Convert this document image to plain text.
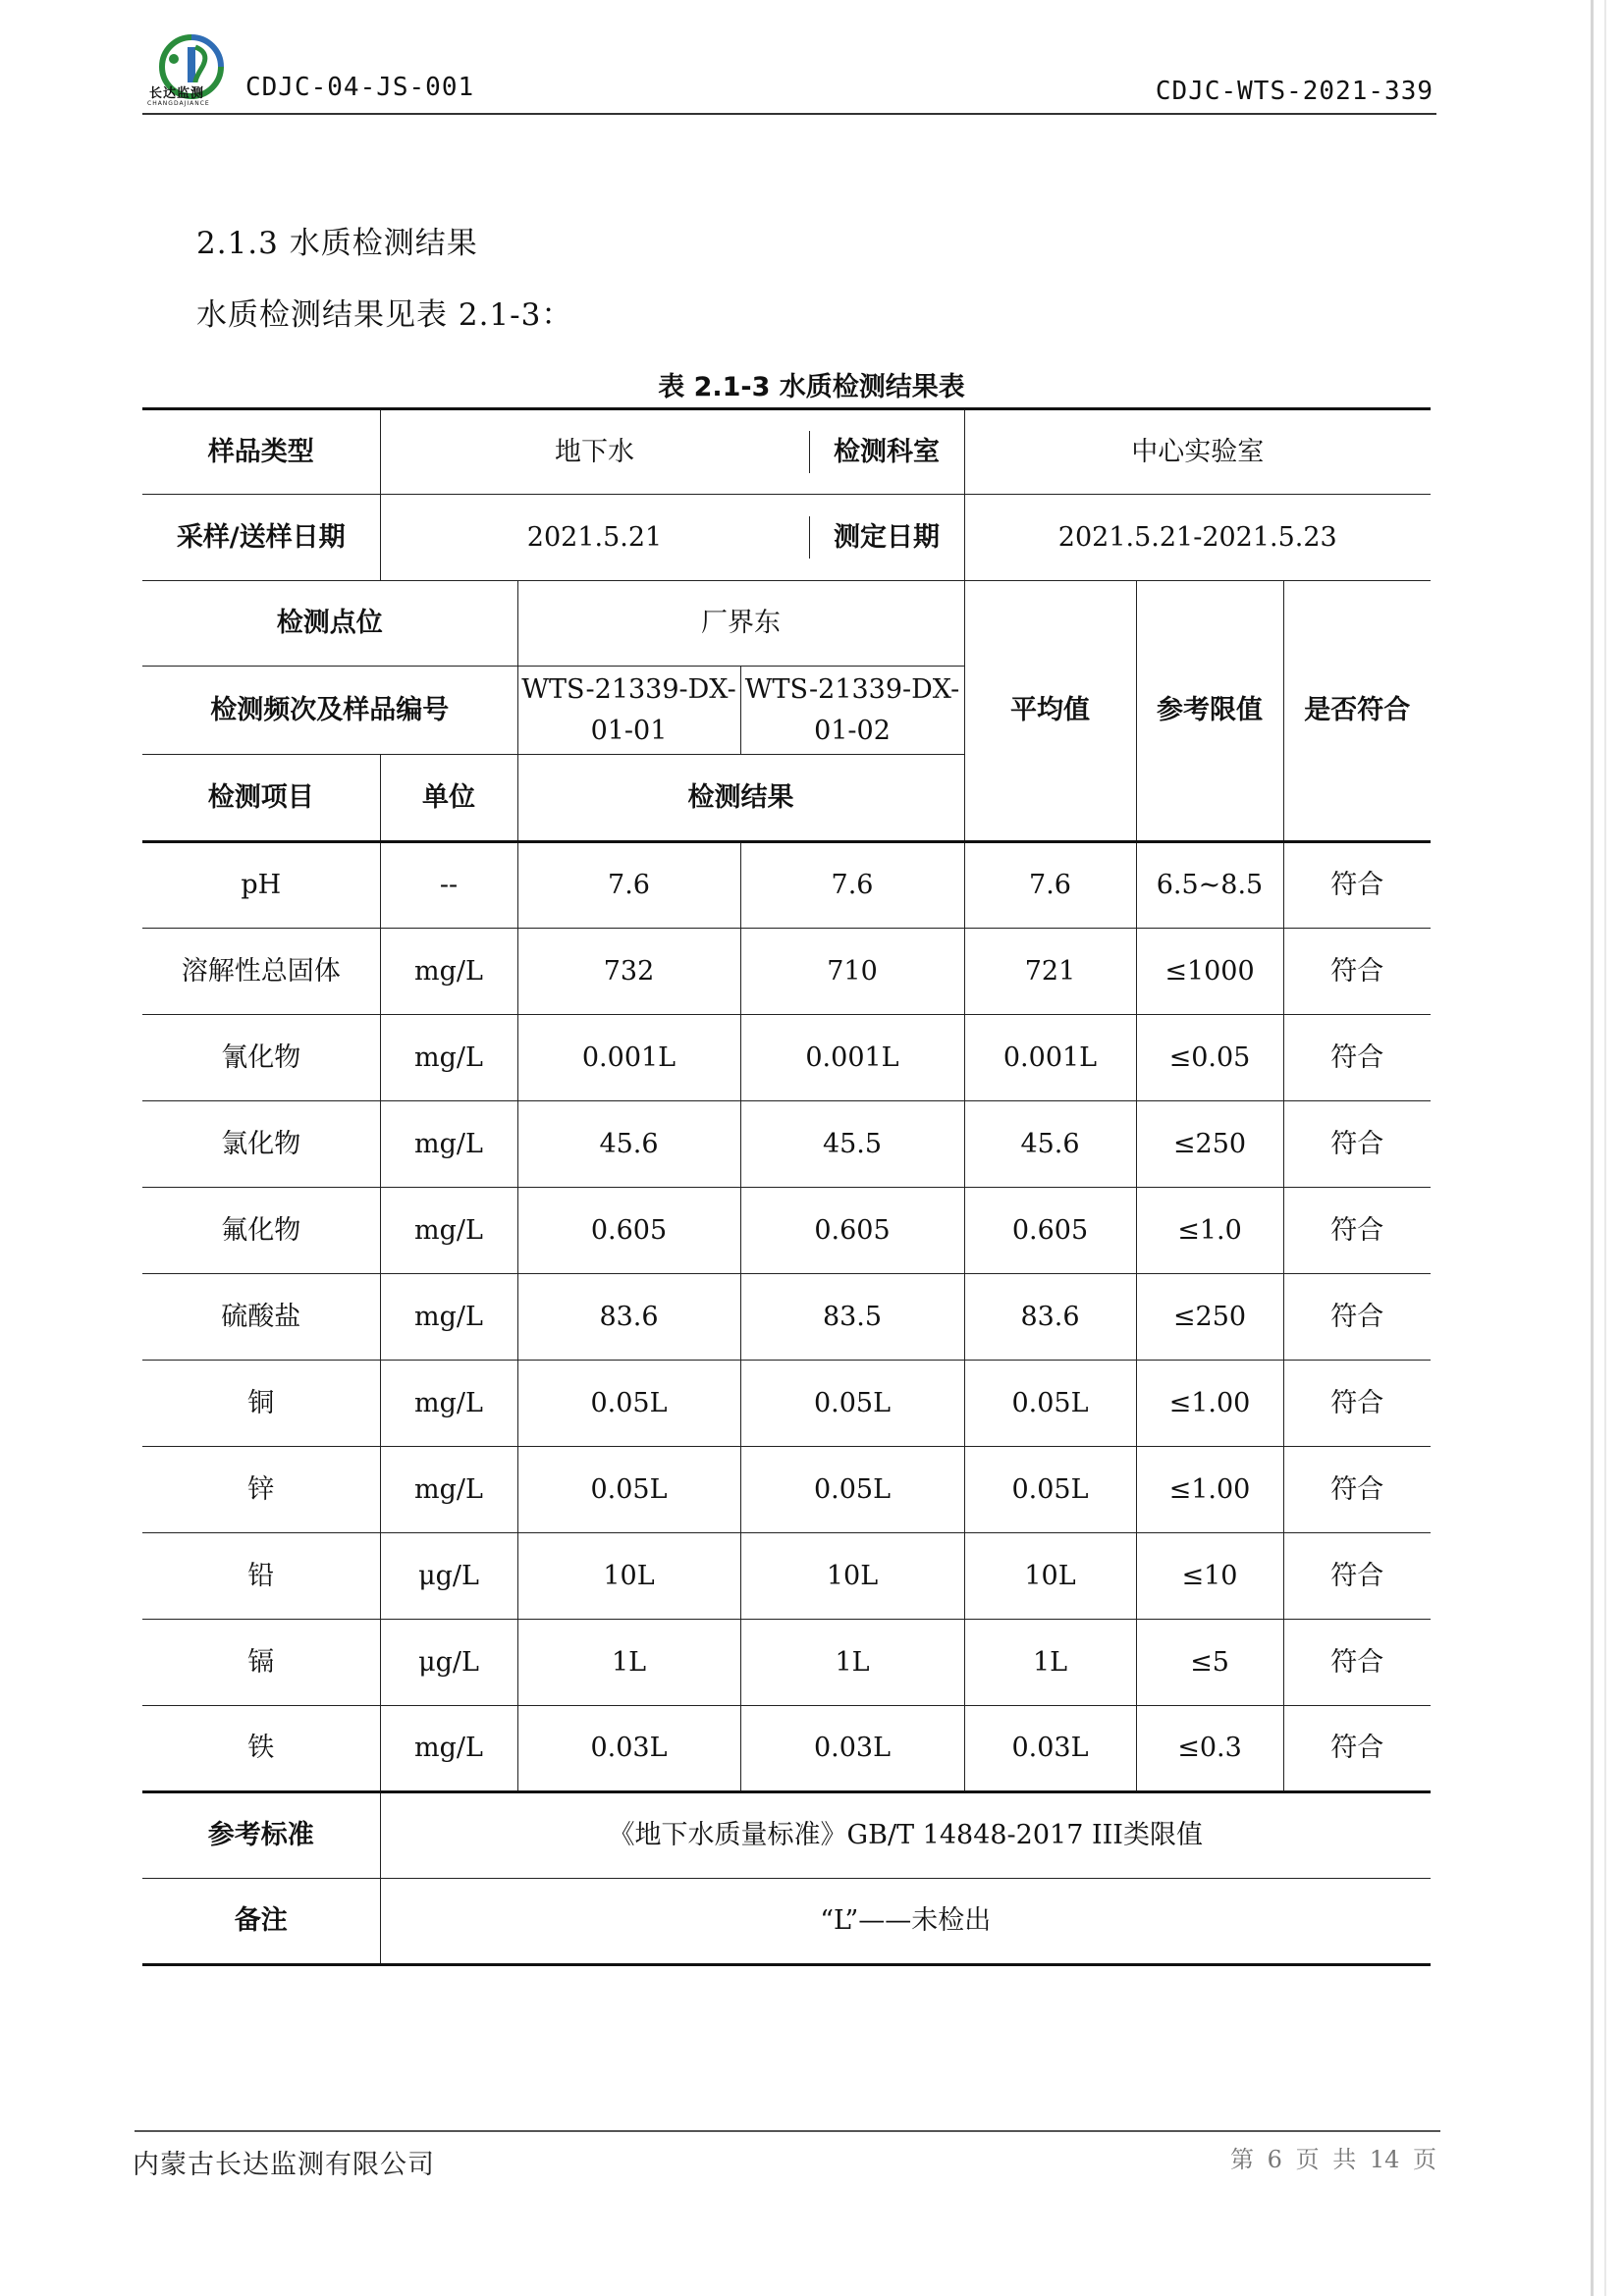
长达监测
CHANGDAJIANCE
CDJC-04-JS-001	CDJC-WTS-2021-339
2.1.3 水质检测结果
水质检测结果见表 2.1-3：
表 2.1-3 水质检测结果表
样品类型	地下水 检测科室			中心实验室		
采样/送样日期	2021.5.21 测定日期			2021.5.21-2021.5.23		
检测点位		厂界东		平均值	参考限值	是否符合
检测频次及样品编号		WTS-21339-DX-01-01	WTS-21339-DX-01-02			
检测项目	单位	检测结果				
pH	--	7.6	7.6	7.6	6.5~8.5	符合
溶解性总固体	mg/L	732	710	721	≤1000	符合
氰化物	mg/L	0.001L	0.001L	0.001L	≤0.05	符合
氯化物	mg/L	45.6	45.5	45.6	≤250	符合
氟化物	mg/L	0.605	0.605	0.605	≤1.0	符合
硫酸盐	mg/L	83.6	83.5	83.6	≤250	符合
铜	mg/L	0.05L	0.05L	0.05L	≤1.00	符合
锌	mg/L	0.05L	0.05L	0.05L	≤1.00	符合
铅	μg/L	10L	10L	10L	≤10	符合
镉	μg/L	1L	1L	1L	≤5	符合
铁	mg/L	0.03L	0.03L	0.03L	≤0.3	符合
参考标准	《地下水质量标准》GB/T 14848-2017 III类限值					
备注	“L”——未检出					
内蒙古长达监测有限公司	第 6 页 共 14 页
